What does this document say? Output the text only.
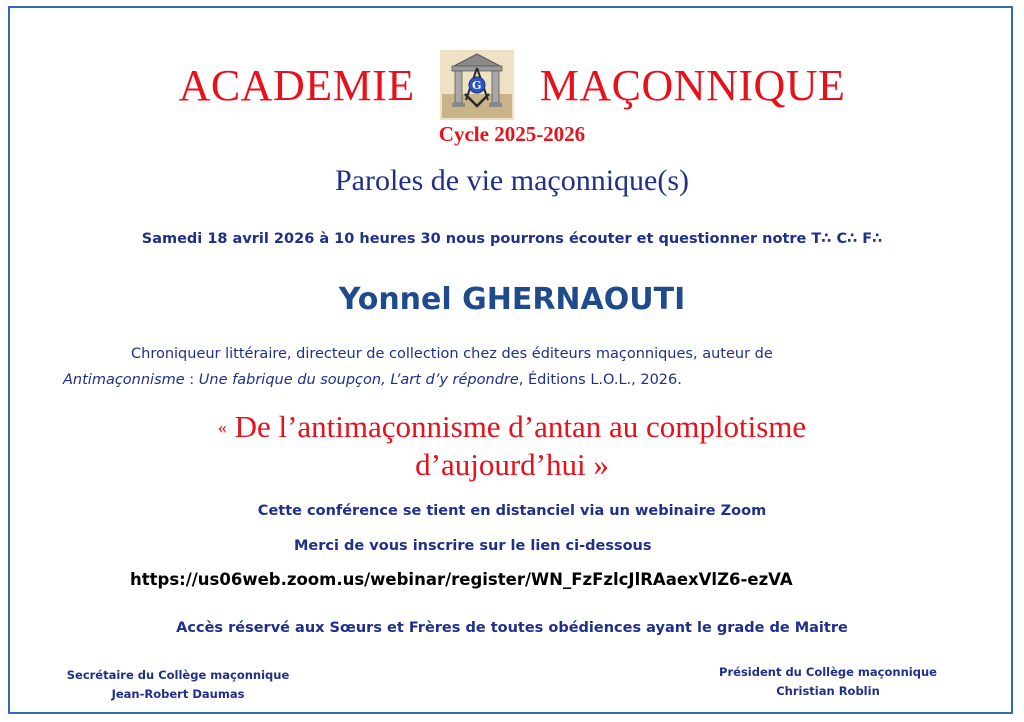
ACADEMIE	G MAÇONNIQUE
Cycle 2025-2026
Paroles de vie maçonnique(s)
Samedi 18 avril 2026 à 10 heures 30 nous pourrons écouter et questionner notre T∴ C∴ F∴
Yonnel GHERNAOUTI
Chroniqueur littéraire, directeur de collection chez des éditeurs maçonniques, auteur de
Antimaçonnisme : Une fabrique du soupçon, L’art d’y répondre, Éditions L.O.L., 2026.
« De l’antimaçonnisme d’antan au complotisme
d’aujourd’hui »
Cette conférence se tient en distanciel via un webinaire Zoom
Merci de vous inscrire sur le lien ci-dessous
https://us06web.zoom.us/webinar/register/WN_FzFzlcJlRAaexVlZ6-ezVA
Accès réservé aux Sœurs et Frères de toutes obédiences ayant le grade de Maitre
Secrétaire du Collège maçonnique
Jean-Robert Daumas
Président du Collège maçonnique
Christian Roblin
